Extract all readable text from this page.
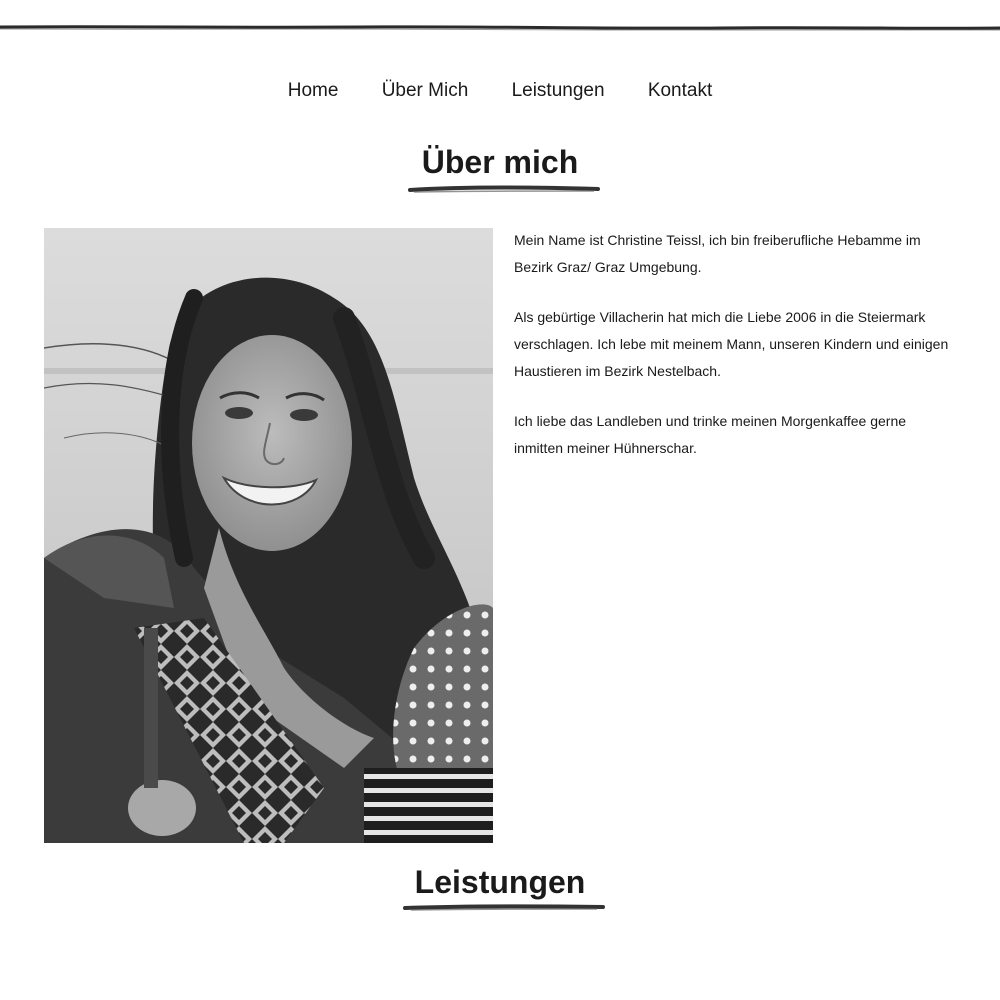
Home Über Mich Leistungen Kontakt
Über mich

Mein Name ist Christine Teissl, ich bin freiberufliche Hebamme im Bezirk Graz/ Graz Umgebung.

Als gebürtige Villacherin hat mich die Liebe 2006 in die Steiermark verschlagen. Ich lebe mit meinem Mann, unseren Kindern und einigen Haustieren im Bezirk Nestelbach.

Ich liebe das Landleben und trinke meinen Morgenkaffee gerne inmitten meiner Hühnerschar.

Leistungen
